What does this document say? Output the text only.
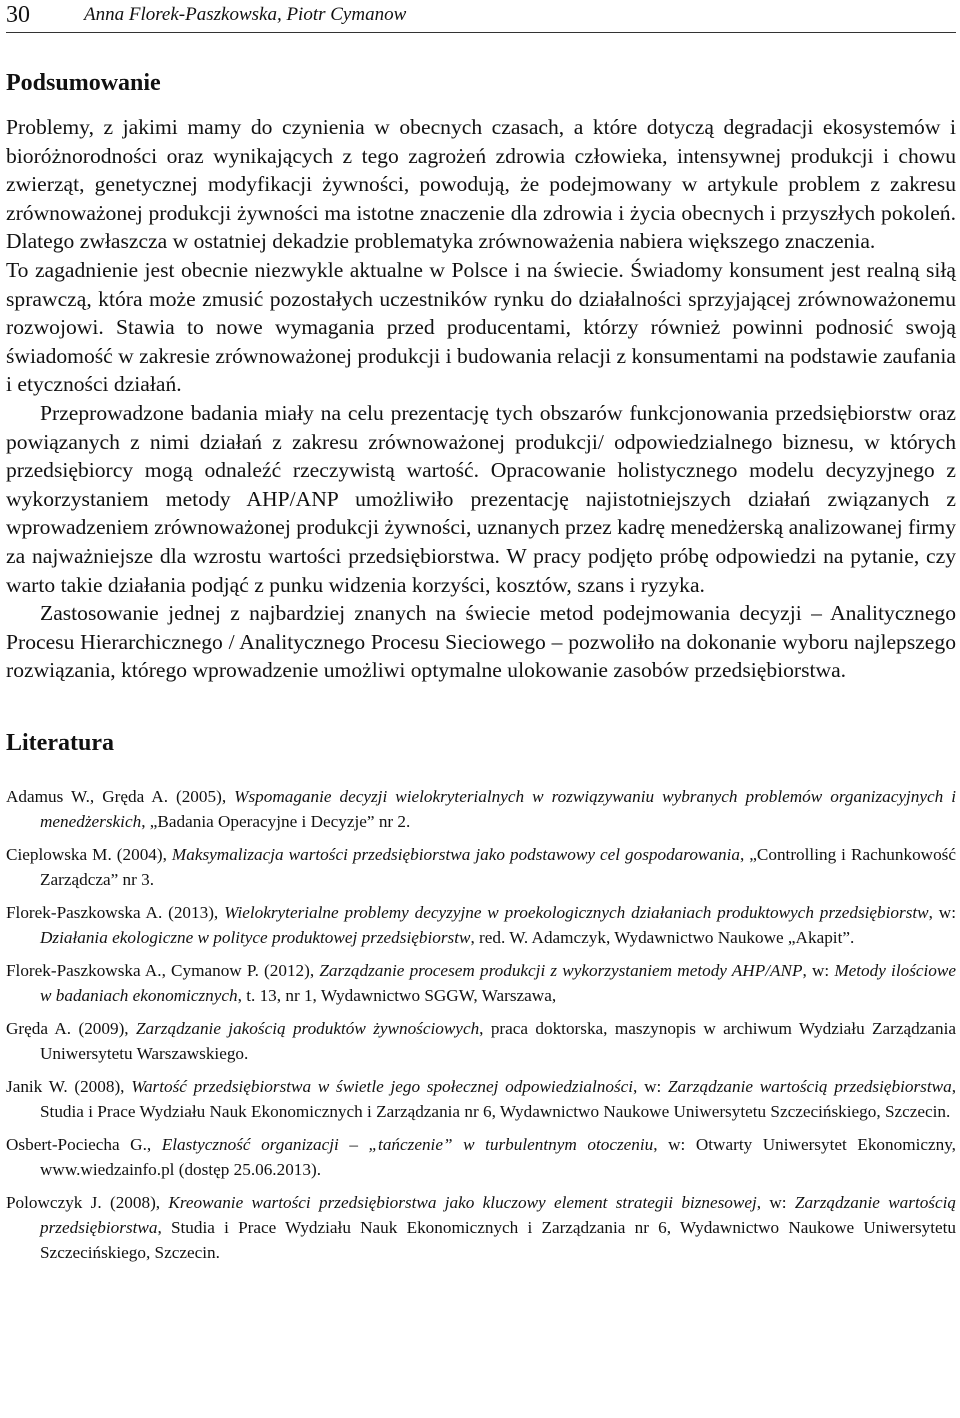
30	Anna Florek-Paszkowska, Piotr Cymanow
Podsumowanie

Problemy, z jakimi mamy do czynienia w obecnych czasach, a które dotyczą degradacji ekosystemów i bioróżnorodności oraz wynikających z tego zagrożeń zdrowia człowieka, intensywnej produkcji i chowu zwierząt, genetycznej modyfikacji żywności, powodują, że podejmowany w artykule problem z zakresu zrównoważonej produkcji żywności ma istotne znaczenie dla zdrowia i życia obecnych i przyszłych pokoleń. Dlatego zwłaszcza w ostatniej dekadzie problematyka zrównoważenia nabiera większego znaczenia.

To zagadnienie jest obecnie niezwykle aktualne w Polsce i na świecie. Świadomy konsument jest realną siłą sprawczą, która może zmusić pozostałych uczestników rynku do działalności sprzyjającej zrównoważonemu rozwojowi. Stawia to nowe wymagania przed producentami, którzy również powinni podnosić swoją świadomość w zakresie zrównoważonej produkcji i budowania relacji z konsumentami na podstawie zaufania i etyczności działań.

Przeprowadzone badania miały na celu prezentację tych obszarów funkcjonowania przedsiębiorstw oraz powiązanych z nimi działań z zakresu zrównoważonej produkcji/ odpowiedzialnego biznesu, w których przedsiębiorcy mogą odnaleźć rzeczywistą wartość. Opracowanie holistycznego modelu decyzyjnego z wykorzystaniem metody AHP/ANP umożliwiło prezentację najistotniejszych działań związanych z wprowadzeniem zrównoważonej produkcji żywności, uznanych przez kadrę menedżerską analizowanej firmy za najważniejsze dla wzrostu wartości przedsiębiorstwa. W pracy podjęto próbę odpowiedzi na pytanie, czy warto takie działania podjąć z punku widzenia korzyści, kosztów, szans i ryzyka.

Zastosowanie jednej z najbardziej znanych na świecie metod podejmowania decyzji – Analitycznego Procesu Hierarchicznego / Analitycznego Procesu Sieciowego – pozwoliło na dokonanie wyboru najlepszego rozwiązania, którego wprowadzenie umożliwi optymalne ulokowanie zasobów przedsiębiorstwa.

Literatura

Adamus W., Gręda A. (2005), Wspomaganie decyzji wielokryterialnych w rozwiązywaniu wybranych problemów organizacyjnych i menedżerskich, „Badania Operacyjne i Decyzje” nr 2.

Cieplowska M. (2004), Maksymalizacja wartości przedsiębiorstwa jako podstawowy cel gospodarowania, „Controlling i Rachunkowość Zarządcza” nr 3.

Florek-Paszkowska A. (2013), Wielokryterialne problemy decyzyjne w proekologicznych działaniach produktowych przedsiębiorstw, w: Działania ekologiczne w polityce produktowej przedsiębiorstw, red. W. Adamczyk, Wydawnictwo Naukowe „Akapit”.

Florek-Paszkowska A., Cymanow P. (2012), Zarządzanie procesem produkcji z wykorzystaniem metody AHP/ANP, w: Metody ilościowe w badaniach ekonomicznych, t. 13, nr 1, Wydawnictwo SGGW, Warszawa,

Gręda A. (2009), Zarządzanie jakością produktów żywnościowych, praca doktorska, maszynopis w archiwum Wydziału Zarządzania Uniwersytetu Warszawskiego.

Janik W. (2008), Wartość przedsiębiorstwa w świetle jego społecznej odpowiedzialności, w: Zarządzanie wartością przedsiębiorstwa, Studia i Prace Wydziału Nauk Ekonomicznych i Zarządzania nr 6, Wydawnictwo Naukowe Uniwersytetu Szczecińskiego, Szczecin.

Osbert-Pociecha G., Elastyczność organizacji – „tańczenie” w turbulentnym otoczeniu, w: Otwarty Uniwersytet Ekonomiczny, www.wiedzainfo.pl (dostęp 25.06.2013).

Polowczyk J. (2008), Kreowanie wartości przedsiębiorstwa jako kluczowy element strategii biznesowej, w: Zarządzanie wartością przedsiębiorstwa, Studia i Prace Wydziału Nauk Ekonomicznych i Zarządzania nr 6, Wydawnictwo Naukowe Uniwersytetu Szczecińskiego, Szczecin.
